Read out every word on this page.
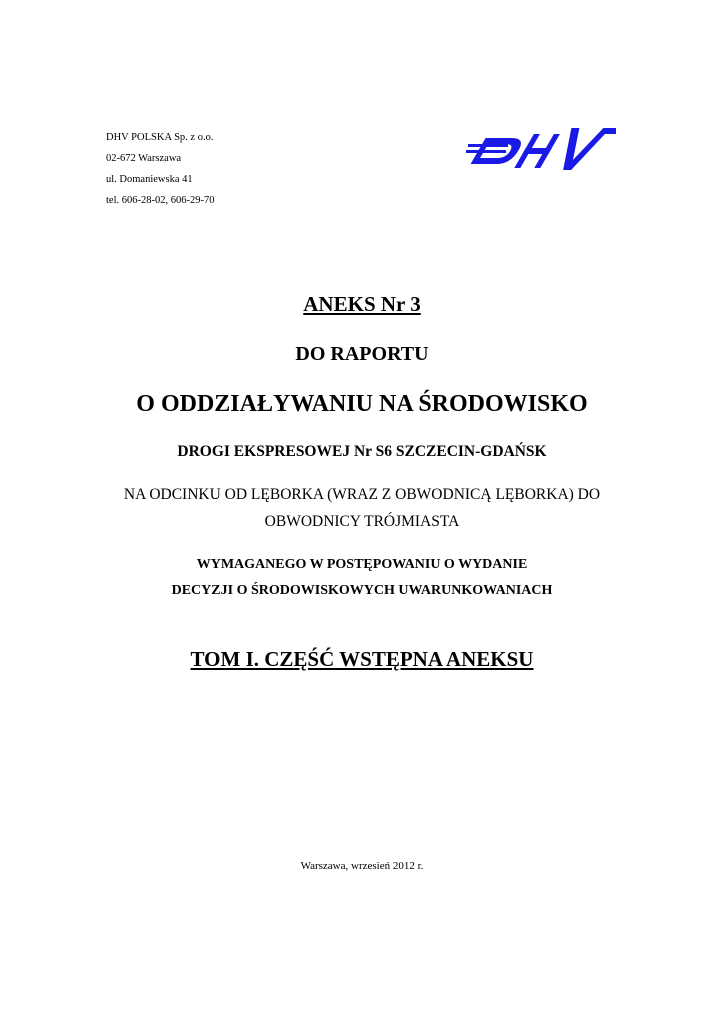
DHV POLSKA Sp. z o.o.
02-672 Warszawa
ul. Domaniewska 41
tel. 606-28-02, 606-29-70
ANEKS Nr 3
DO RAPORTU
O ODDZIAŁYWANIU NA ŚRODOWISKO
DROGI EKSPRESOWEJ Nr S6 SZCZECIN-GDAŃSK
NA ODCINKU OD LĘBORKA (WRAZ Z OBWODNICĄ LĘBORKA) DO
OBWODNICY TRÓJMIASTA
WYMAGANEGO W POSTĘPOWANIU O WYDANIE
DECYZJI O ŚRODOWISKOWYCH UWARUNKOWANIACH
TOM I. CZĘŚĆ WSTĘPNA ANEKSU
Warszawa, wrzesień 2012 r.
